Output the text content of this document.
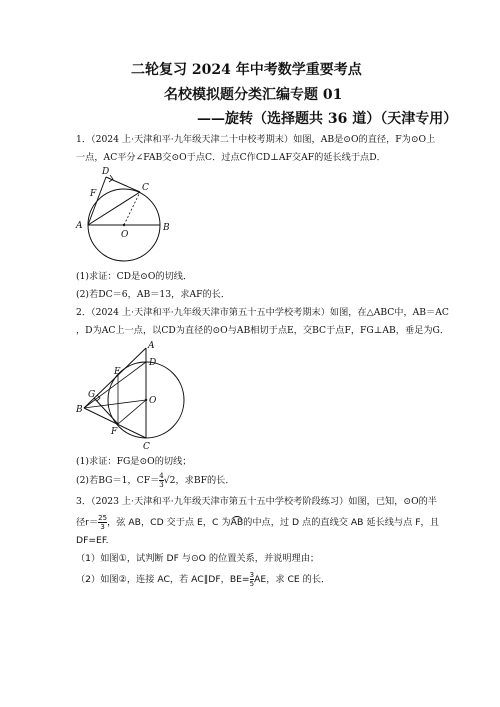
二轮复习 2024 年中考数学重要考点
名校模拟题分类汇编专题 01
——旋转（选择题共 36 道）（天津专用）
1．（2024 上·天津和平·九年级天津二十中校考期末）如图，AB是⊙O的直径，F为⊙O上
一点，AC平分∠FAB交⊙O于点C．过点C作CD⊥AF交AF的延长线于点D．
D
F
C
A
O
B
(1)求证：CD是⊙O的切线．
(2)若DC＝6，AB＝13，求AF的长．
2．（2024 上·天津和平·九年级天津市第五十五中学校考期末）如图，在△ABC中，AB＝AC
，D为AC上一点，以CD为直径的⊙O与AB相切于点E，交BC于点F，FG⊥AB，垂足为G．
A
E
D
G
B
O
F
C
(1)求证：FG是⊙O的切线；
(2)若BG＝1，$CF= \frac{4}{3} √2$，求BF的长．
3．（2023 上·天津和平·九年级天津市第五十五中学校考阶段练习）如图，已知，⊙O的半
径$r= \frac{25}{3}$ ，弦 AB，CD 交于点 E，C 为AB的中点，过 D 点的直线交 AB 延长线与点 F，且
DF=EF.
（1）如图①，试判断 DF 与⊙O 的位置关系，并说明理由；
（2）如图②，连接 AC，若 AC∥DF，$BE= \frac{3}{5}$ AE，求 CE 的长．
